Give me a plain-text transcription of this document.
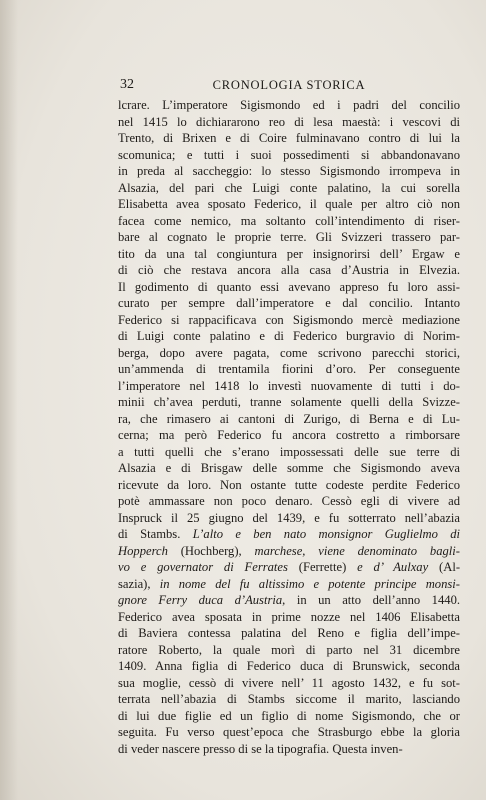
32	CRONOLOGIA STORICA
lcrare. L’imperatore Sigismondo ed i padri del concilio
nel 1415 lo dichiararono reo di lesa maestà: i vescovi di
Trento, di Brixen e di Coire fulminavano contro di lui la
scomunica; e tutti i suoi possedimenti si abbandonavano
in preda al saccheggio: lo stesso Sigismondo irrompeva in
Alsazia, del pari che Luigi conte palatino, la cui sorella
Elisabetta avea sposato Federico, il quale per altro ciò non
facea come nemico, ma soltanto coll’intendimento di riser-
bare al cognato le proprie terre. Gli Svizzeri trassero par-
tito da una tal congiuntura per insignorirsi dell’ Ergaw e
di ciò che restava ancora alla casa d’Austria in Elvezia.
Il godimento di quanto essi avevano appreso fu loro assi-
curato per sempre dall’imperatore e dal concilio. Intanto
Federico si rappacificava con Sigismondo mercè mediazione
di Luigi conte palatino e di Federico burgravio di Norim-
berga, dopo avere pagata, come scrivono parecchi storici,
un’ammenda di trentamila fiorini d’oro. Per conseguente
l’imperatore nel 1418 lo investì nuovamente di tutti i do-
minii ch’avea perduti, tranne solamente quelli della Svizze-
ra, che rimasero ai cantoni di Zurigo, di Berna e di Lu-
cerna; ma però Federico fu ancora costretto a rimborsare
a tutti quelli che s’erano impossessati delle sue terre di
Alsazia e di Brisgaw delle somme che Sigismondo aveva
ricevute da loro. Non ostante tutte codeste perdite Federico
potè ammassare non poco denaro. Cessò egli di vivere ad
Inspruck il 25 giugno del 1439, e fu sotterrato nell’abazia
di Stambs. L’alto e ben nato monsignor Guglielmo di
Hopperch (Hochberg), marchese, viene denominato bagli-
vo e governator di Ferrates (Ferrette) e d’ Aulxay (Al-
sazia), in nome del fu altissimo e potente principe monsi-
gnore Ferry duca d’Austria, in un atto dell’anno 1440.
Federico avea sposata in prime nozze nel 1406 Elisabetta
di Baviera contessa palatina del Reno e figlia dell’impe-
ratore Roberto, la quale morì di parto nel 31 dicembre
1409. Anna figlia di Federico duca di Brunswick, seconda
sua moglie, cessò di vivere nell’ 11 agosto 1432, e fu sot-
terrata nell’abazia di Stambs siccome il marito, lasciando
di lui due figlie ed un figlio di nome Sigismondo, che or
seguita. Fu verso quest’epoca che Strasburgo ebbe la gloria
di veder nascere presso di se la tipografia. Questa inven-
